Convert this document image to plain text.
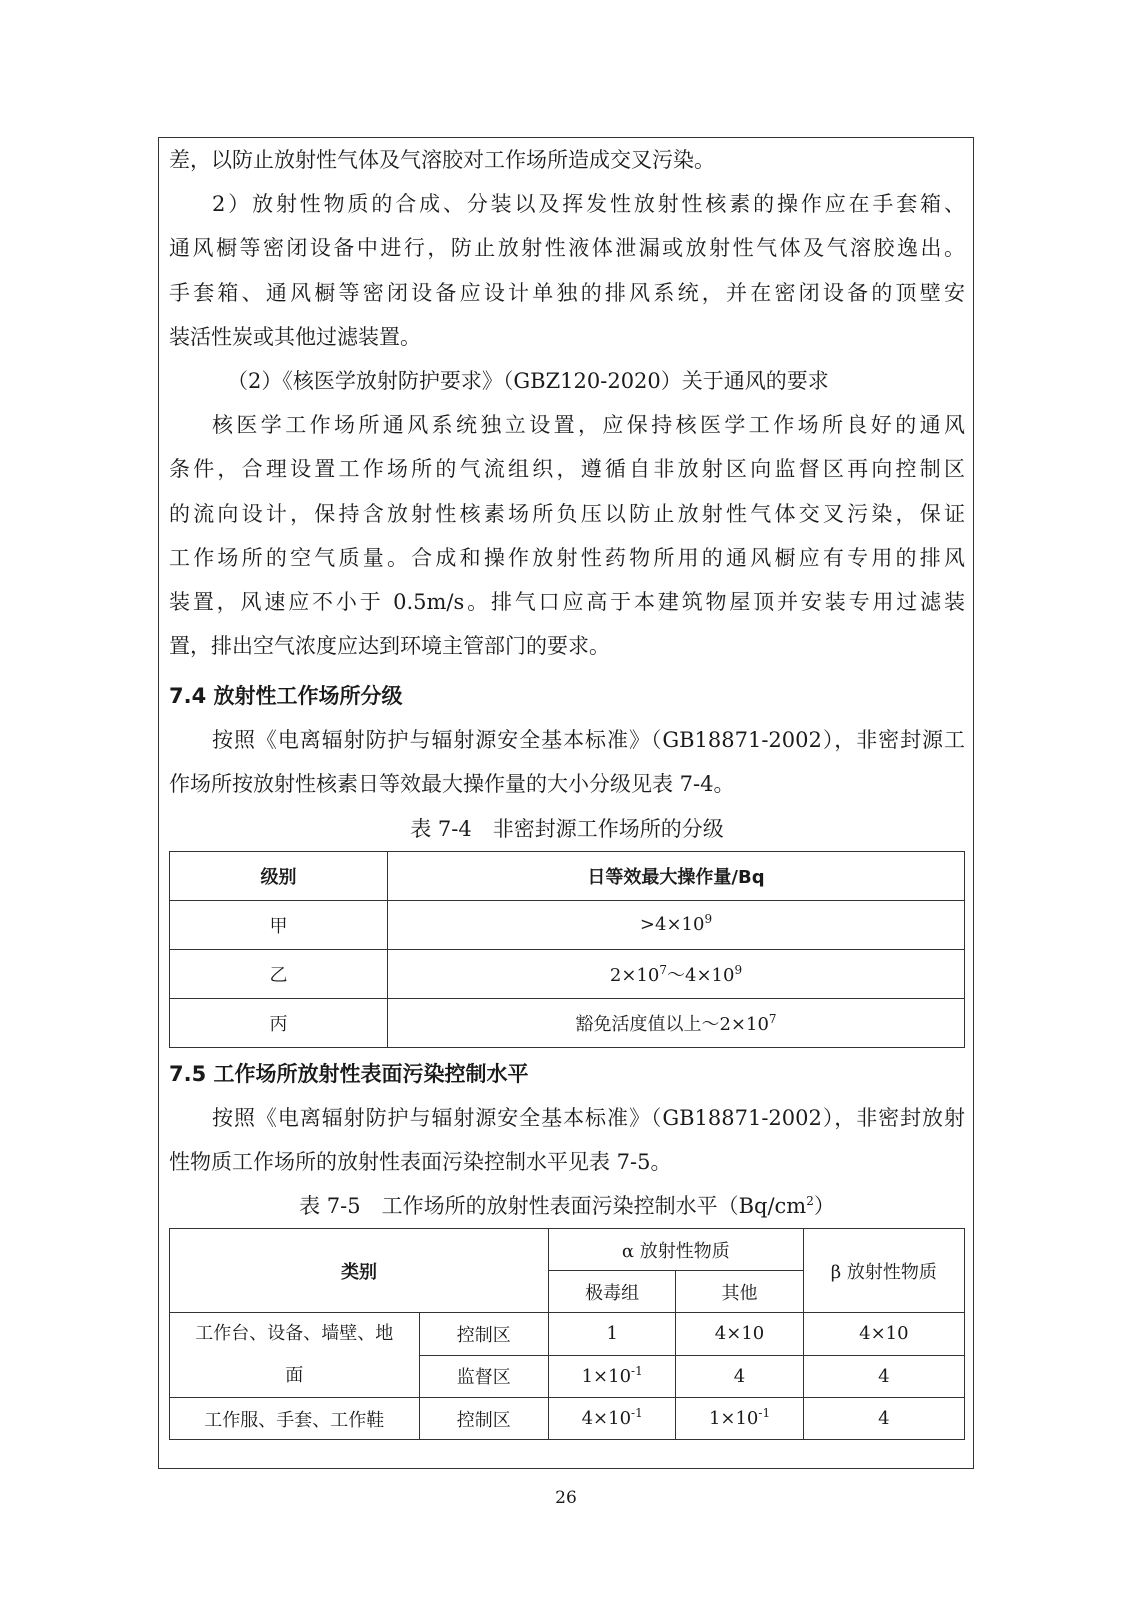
差，以防止放射性气体及气溶胶对工作场所造成交叉污染。
2）放射性物质的合成、分装以及挥发性放射性核素的操作应在手套箱、
通风橱等密闭设备中进行，防止放射性液体泄漏或放射性气体及气溶胶逸出。
手套箱、通风橱等密闭设备应设计单独的排风系统，并在密闭设备的顶壁安
装活性炭或其他过滤装置。
（2）《核医学放射防护要求》（GBZ120-2020）关于通风的要求
核医学工作场所通风系统独立设置，应保持核医学工作场所良好的通风
条件，合理设置工作场所的气流组织，遵循自非放射区向监督区再向控制区
的流向设计，保持含放射性核素场所负压以防止放射性气体交叉污染，保证
工作场所的空气质量。合成和操作放射性药物所用的通风橱应有专用的排风
装置，风速应不小于 0.5m/s。排气口应高于本建筑物屋顶并安装专用过滤装
置，排出空气浓度应达到环境主管部门的要求。
7.4 放射性工作场所分级
按照《电离辐射防护与辐射源安全基本标准》（GB18871-2002），非密封源工
作场所按放射性核素日等效最大操作量的大小分级见表 7-4。
表 7-4　非密封源工作场所的分级
级别	日等效最大操作量/Bq
甲	$>4\times 10^9$
乙	$2\times 10^7\sim 4\times 10^9$
丙	豁免活度值以上$\sim 2\times 10^7$
7.5 工作场所放射性表面污染控制水平
按照《电离辐射防护与辐射源安全基本标准》（GB18871-2002），非密封放射
性物质工作场所的放射性表面污染控制水平见表 7-5。
表 7-5　工作场所的放射性表面污染控制水平$(Bq/cm^2)$
类别		α 放射性物质		β 放射性物质
		极毒组	其他	
工作台、设备、墙壁、地
面	控制区	1	4×10	4×10
	监督区	$1\times 10^{-1}$	4	4
工作服、手套、工作鞋	控制区	$4\times 10^{-1}$	$1\times 10^{-1}$	4
26
